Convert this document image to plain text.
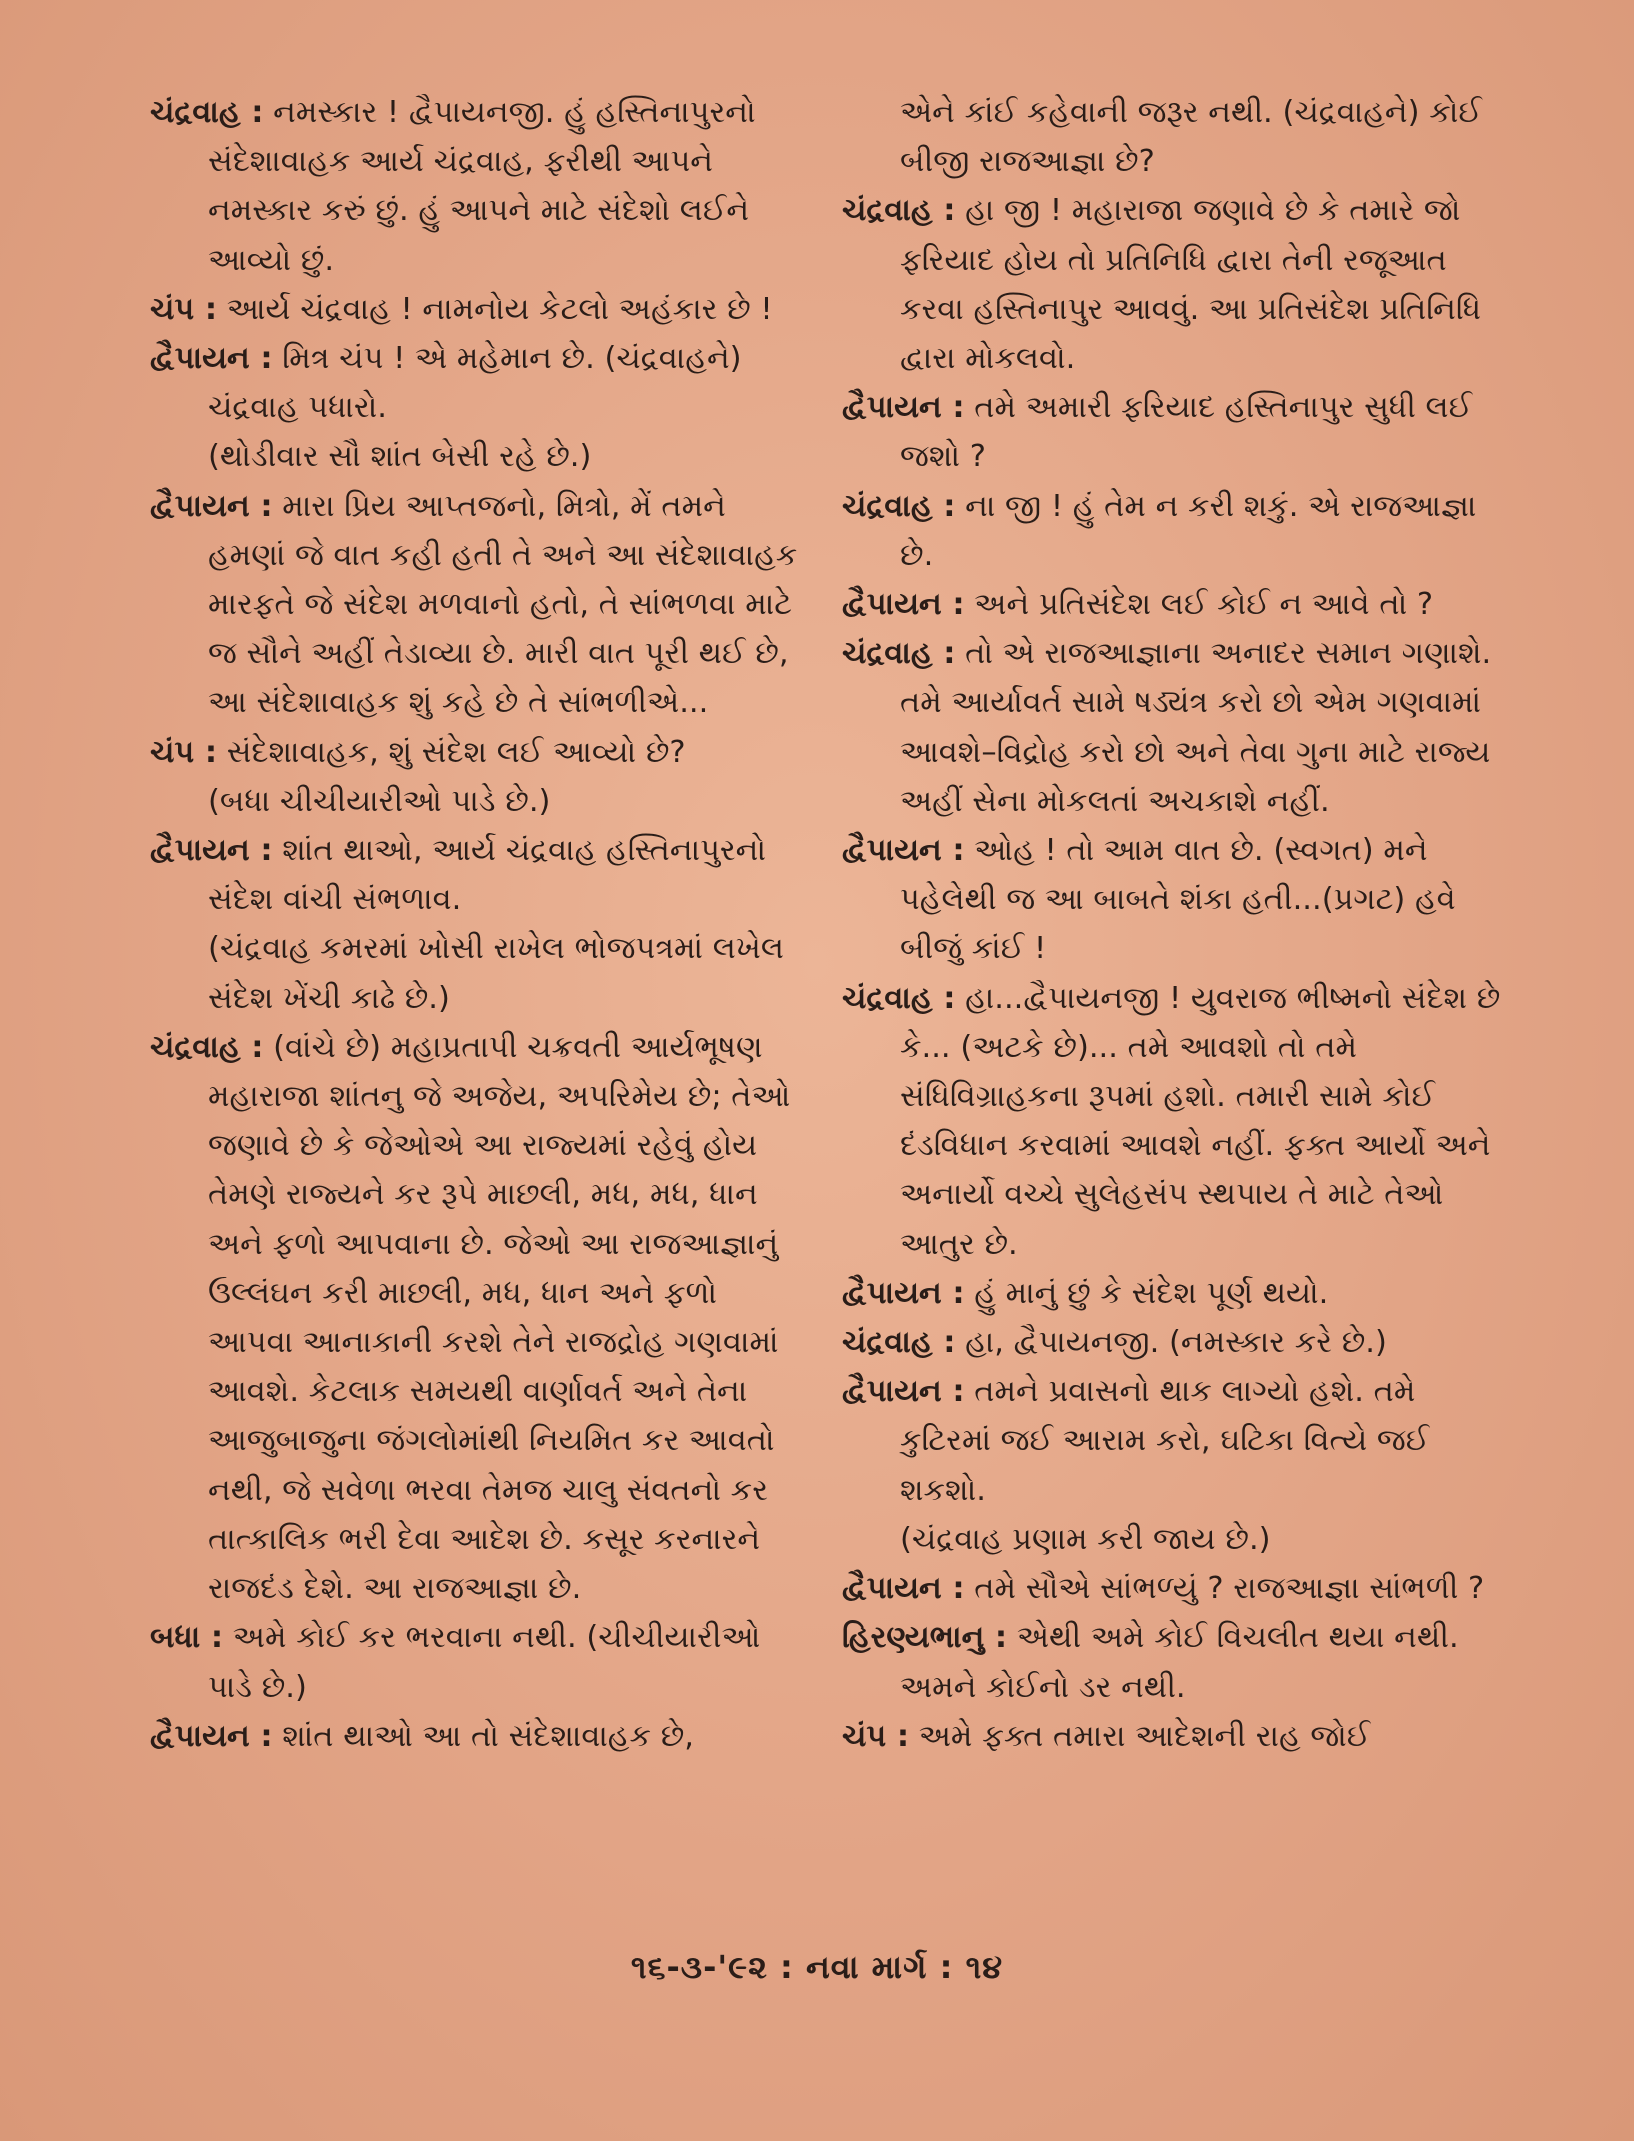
ચંદ્રવાહ : નમસ્કાર ! દ્વૈપાયનજી. હું હસ્તિનાપુરનો સંદેશાવાહક આર્ય ચંદ્રવાહ, ફરીથી આપને નમસ્કાર કરું છું. હું આપને માટે સંદેશો લઈને આવ્યો છું.
ચંપ : આર્ય ચંદ્રવાહ ! નામનોય કેટલો અહંકાર છે !
દ્વૈપાયન : મિત્ર ચંપ ! એ મહેમાન છે. (ચંદ્રવાહને) ચંદ્રવાહ પધારો.
(થોડીવાર સૌ શાંત બેસી રહે છે.)
દ્વૈપાયન : મારા પ્રિય આપ્તજનો, મિત્રો, મેં તમને હમણાં જે વાત કહી હતી તે અને આ સંદેશાવાહક મારફતે જે સંદેશ મળવાનો હતો, તે સાંભળવા માટે જ સૌને અહીં તેડાવ્યા છે. મારી વાત પૂરી થઈ છે, આ સંદેશાવાહક શું કહે છે તે સાંભળીએ...
ચંપ : સંદેશાવાહક, શું સંદેશ લઈ આવ્યો છે?
(બધા ચીચીયારીઓ પાડે છે.)
દ્વૈપાયન : શાંત થાઓ, આર્ય ચંદ્રવાહ હસ્તિનાપુરનો સંદેશ વાંચી સંભળાવ.
(ચંદ્રવાહ કમરમાં ખોસી રાખેલ ભોજપત્રમાં લખેલ સંદેશ ખેંચી કાઢે છે.)
ચંદ્રવાહ : (વાંચે છે) મહાપ્રતાપી ચક્રવતી આર્યભૂષણ મહારાજા શાંતનુ જે અજેય, અપરિમેય છે; તેઓ જણાવે છે કે જેઓએ આ રાજ્યમાં રહેવું હોય તેમણે રાજ્યને કર રૂપે માછલી, મધ, મધ, ધાન અને ફળો આપવાના છે. જેઓ આ રાજઆજ્ઞાનું ઉલ્લંઘન કરી માછલી, મધ, ધાન અને ફળો આપવા આનાકાની કરશે તેને રાજદ્રોહ ગણવામાં આવશે. કેટલાક સમયથી વાર્ણાવર્ત અને તેના આજુબાજુના જંગલોમાંથી નિયમિત કર આવતો નથી, જે સવેળા ભરવા તેમજ ચાલુ સંવતનો કર તાત્કાલિક ભરી દેવા આદેશ છે. કસૂર કરનારને રાજદંડ દેશે. આ રાજઆજ્ઞા છે.
બધા : અમે કોઈ કર ભરવાના નથી. (ચીચીયારીઓ પાડે છે.)
દ્વૈપાયન : શાંત થાઓ આ તો સંદેશાવાહક છે,
એને કાંઈ કહેવાની જરૂર નથી. (ચંદ્રવાહને) કોઈ બીજી રાજઆજ્ઞા છે?
ચંદ્રવાહ : હા જી ! મહારાજા જણાવે છે કે તમારે જો ફરિયાદ હોય તો પ્રતિનિધિ દ્વારા તેની રજૂઆત કરવા હસ્તિનાપુર આવવું. આ પ્રતિસંદેશ પ્રતિનિધિ દ્વારા મોકલવો.
દ્વૈપાયન : તમે અમારી ફરિયાદ હસ્તિનાપુર સુધી લઈ જશો ?
ચંદ્રવાહ : ના જી ! હું તેમ ન કરી શકું. એ રાજઆજ્ઞા છે.
દ્વૈપાયન : અને પ્રતિસંદેશ લઈ કોઈ ન આવે તો ?
ચંદ્રવાહ : તો એ રાજઆજ્ઞાના અનાદર સમાન ગણાશે. તમે આર્યાવર્ત સામે ષડ્યંત્ર કરો છો એમ ગણવામાં આવશે–વિદ્રોહ કરો છો અને તેવા ગુના માટે રાજ્ય અહીં સેના મોકલતાં અચકાશે નહીં.
દ્વૈપાયન : ઓહ ! તો આમ વાત છે. (સ્વગત) મને પહેલેથી જ આ બાબતે શંકા હતી...(પ્રગટ) હવે બીજું કાંઈ !
ચંદ્રવાહ : હા...દ્વૈપાયનજી ! યુવરાજ ભીષ્મનો સંદેશ છે કે... (અટકે છે)... તમે આવશો તો તમે સંધિવિગ્રાહકના રૂપમાં હશો. તમારી સામે કોઈ દંડવિધાન કરવામાં આવશે નહીં. ફક્ત આર્યો અને અનાર્યો વચ્ચે સુલેહસંપ સ્થપાય તે માટે તેઓ આતુર છે.
દ્વૈપાયન : હું માનું છું કે સંદેશ પૂર્ણ થયો.
ચંદ્રવાહ : હા, દ્વૈપાયનજી. (નમસ્કાર કરે છે.)
દ્વૈપાયન : તમને પ્રવાસનો થાક લાગ્યો હશે. તમે કુટિરમાં જઈ આરામ કરો, ઘટિકા વિત્યે જઈ શકશો.
(ચંદ્રવાહ પ્રણામ કરી જાય છે.)
દ્વૈપાયન : તમે સૌએ સાંભળ્યું ? રાજઆજ્ઞા સાંભળી ?
હિરણ્યભાનુ : એથી અમે કોઈ વિચલીત થયા નથી. અમને કોઈનો ડર નથી.
ચંપ : અમે ફક્ત તમારા આદેશની રાહ જોઈ
૧૬-૩-'૯૨ : નવા માર્ગ : ૧૪
